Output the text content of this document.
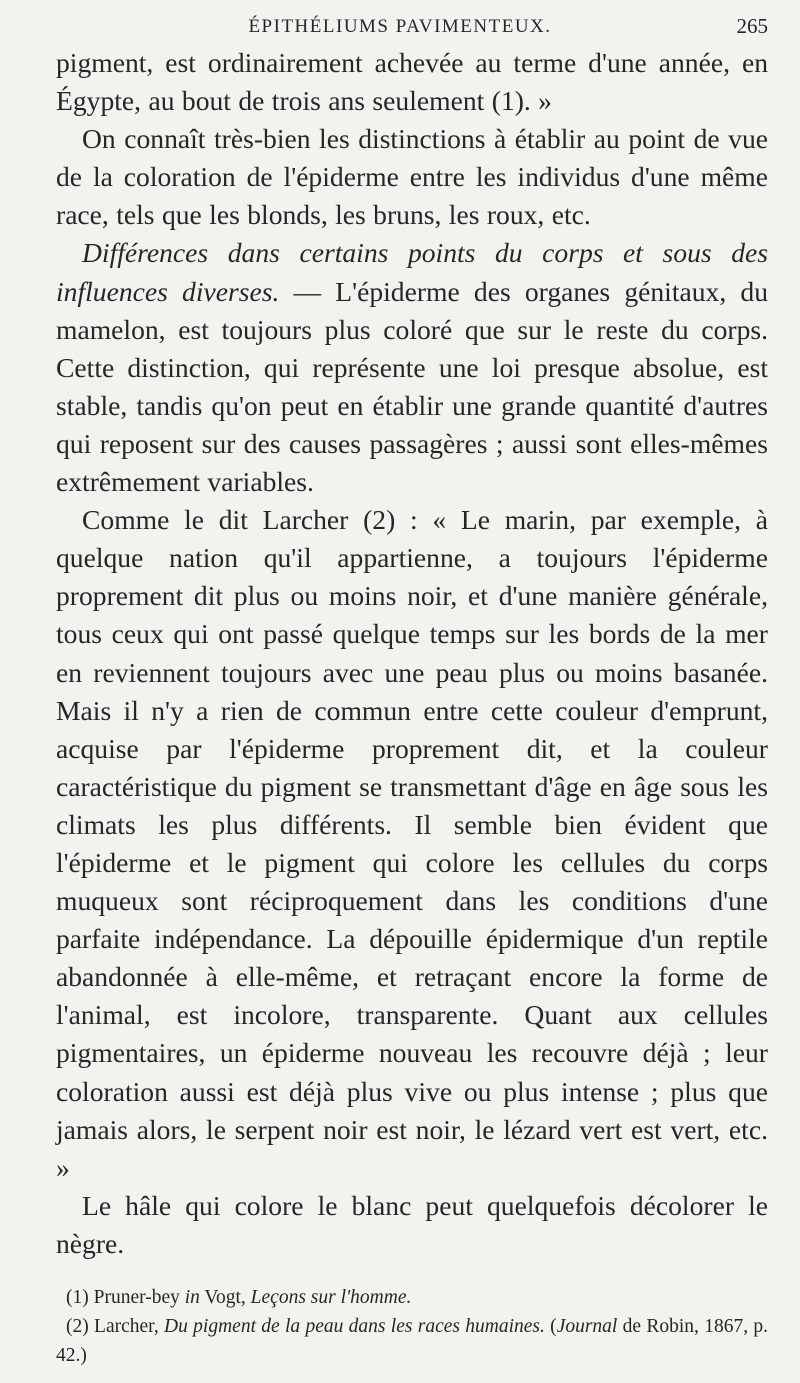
ÉPITHÉLIUMS PAVIMENTEUX.	265

pigment, est ordinairement achevée au terme d'une année, en Égypte, au bout de trois ans seulement (1). »

On connaît très-bien les distinctions à établir au point de vue de la coloration de l'épiderme entre les individus d'une même race, tels que les blonds, les bruns, les roux, etc.

Différences dans certains points du corps et sous des influences diverses. — L'épiderme des organes génitaux, du mamelon, est toujours plus coloré que sur le reste du corps. Cette distinction, qui représente une loi presque absolue, est stable, tandis qu'on peut en établir une grande quantité d'autres qui reposent sur des causes passagères ; aussi sont elles-mêmes extrêmement variables.

Comme le dit Larcher (2) : « Le marin, par exemple, à quelque nation qu'il appartienne, a toujours l'épiderme proprement dit plus ou moins noir, et d'une manière générale, tous ceux qui ont passé quelque temps sur les bords de la mer en reviennent toujours avec une peau plus ou moins basanée. Mais il n'y a rien de commun entre cette couleur d'emprunt, acquise par l'épiderme proprement dit, et la couleur caractéristique du pigment se transmettant d'âge en âge sous les climats les plus différents. Il semble bien évident que l'épiderme et le pigment qui colore les cellules du corps muqueux sont réciproquement dans les conditions d'une parfaite indépendance. La dépouille épidermique d'un reptile abandonnée à elle-même, et retraçant encore la forme de l'animal, est incolore, transparente. Quant aux cellules pigmentaires, un épiderme nouveau les recouvre déjà ; leur coloration aussi est déjà plus vive ou plus intense ; plus que jamais alors, le serpent noir est noir, le lézard vert est vert, etc. »

Le hâle qui colore le blanc peut quelquefois décolorer le nègre.

(1) Pruner-bey in Vogt, Leçons sur l'homme.

(2) Larcher, Du pigment de la peau dans les races humaines. (Journal de Robin, 1867, p. 42.)
